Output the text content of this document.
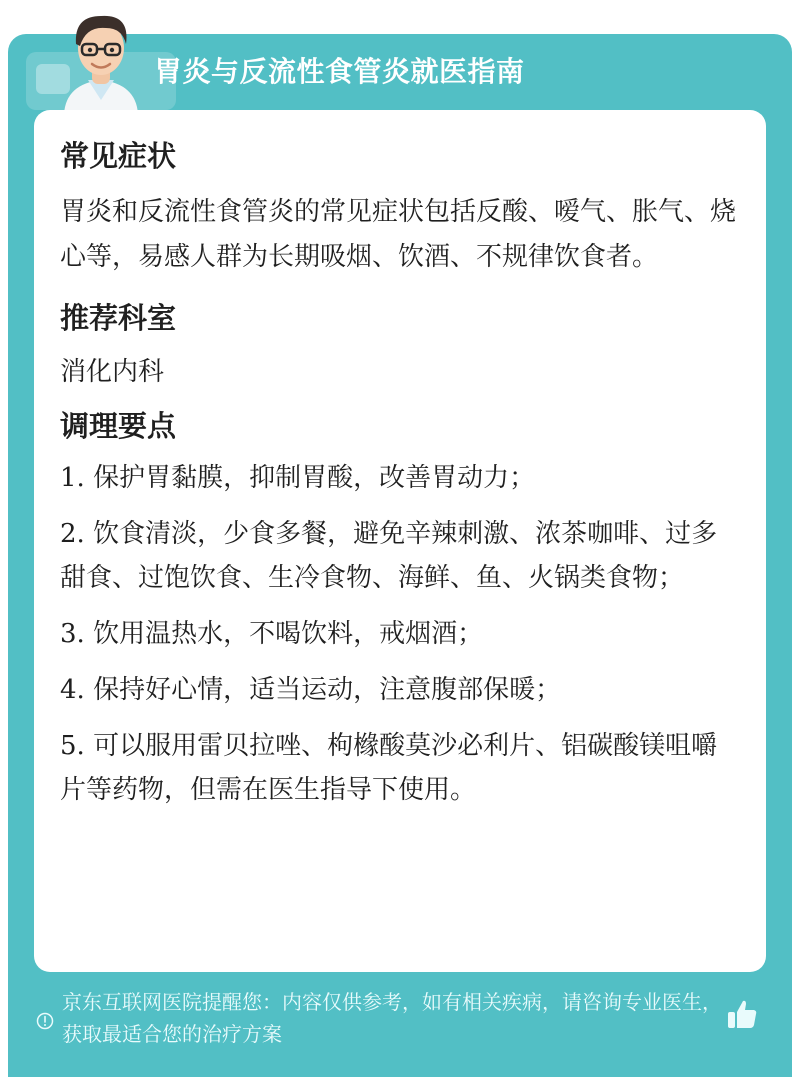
胃炎与反流性食管炎就医指南
常见症状

胃炎和反流性食管炎的常见症状包括反酸、嗳气、胀气、烧心等，易感人群为长期吸烟、饮酒、不规律饮食者。

推荐科室

消化内科

调理要点
1. 保护胃黏膜，抑制胃酸，改善胃动力；
2. 饮食清淡，少食多餐，避免辛辣刺激、浓茶咖啡、过多甜食、过饱饮食、生冷食物、海鲜、鱼、火锅类食物；
3. 饮用温热水，不喝饮料，戒烟酒；
4. 保持好心情，适当运动，注意腹部保暖；
5. 可以服用雷贝拉唑、枸橼酸莫沙必利片、铝碳酸镁咀嚼片等药物，但需在医生指导下使用。
京东互联网医院提醒您：内容仅供参考，如有相关疾病，请咨询专业医生，获取最适合您的治疗方案
